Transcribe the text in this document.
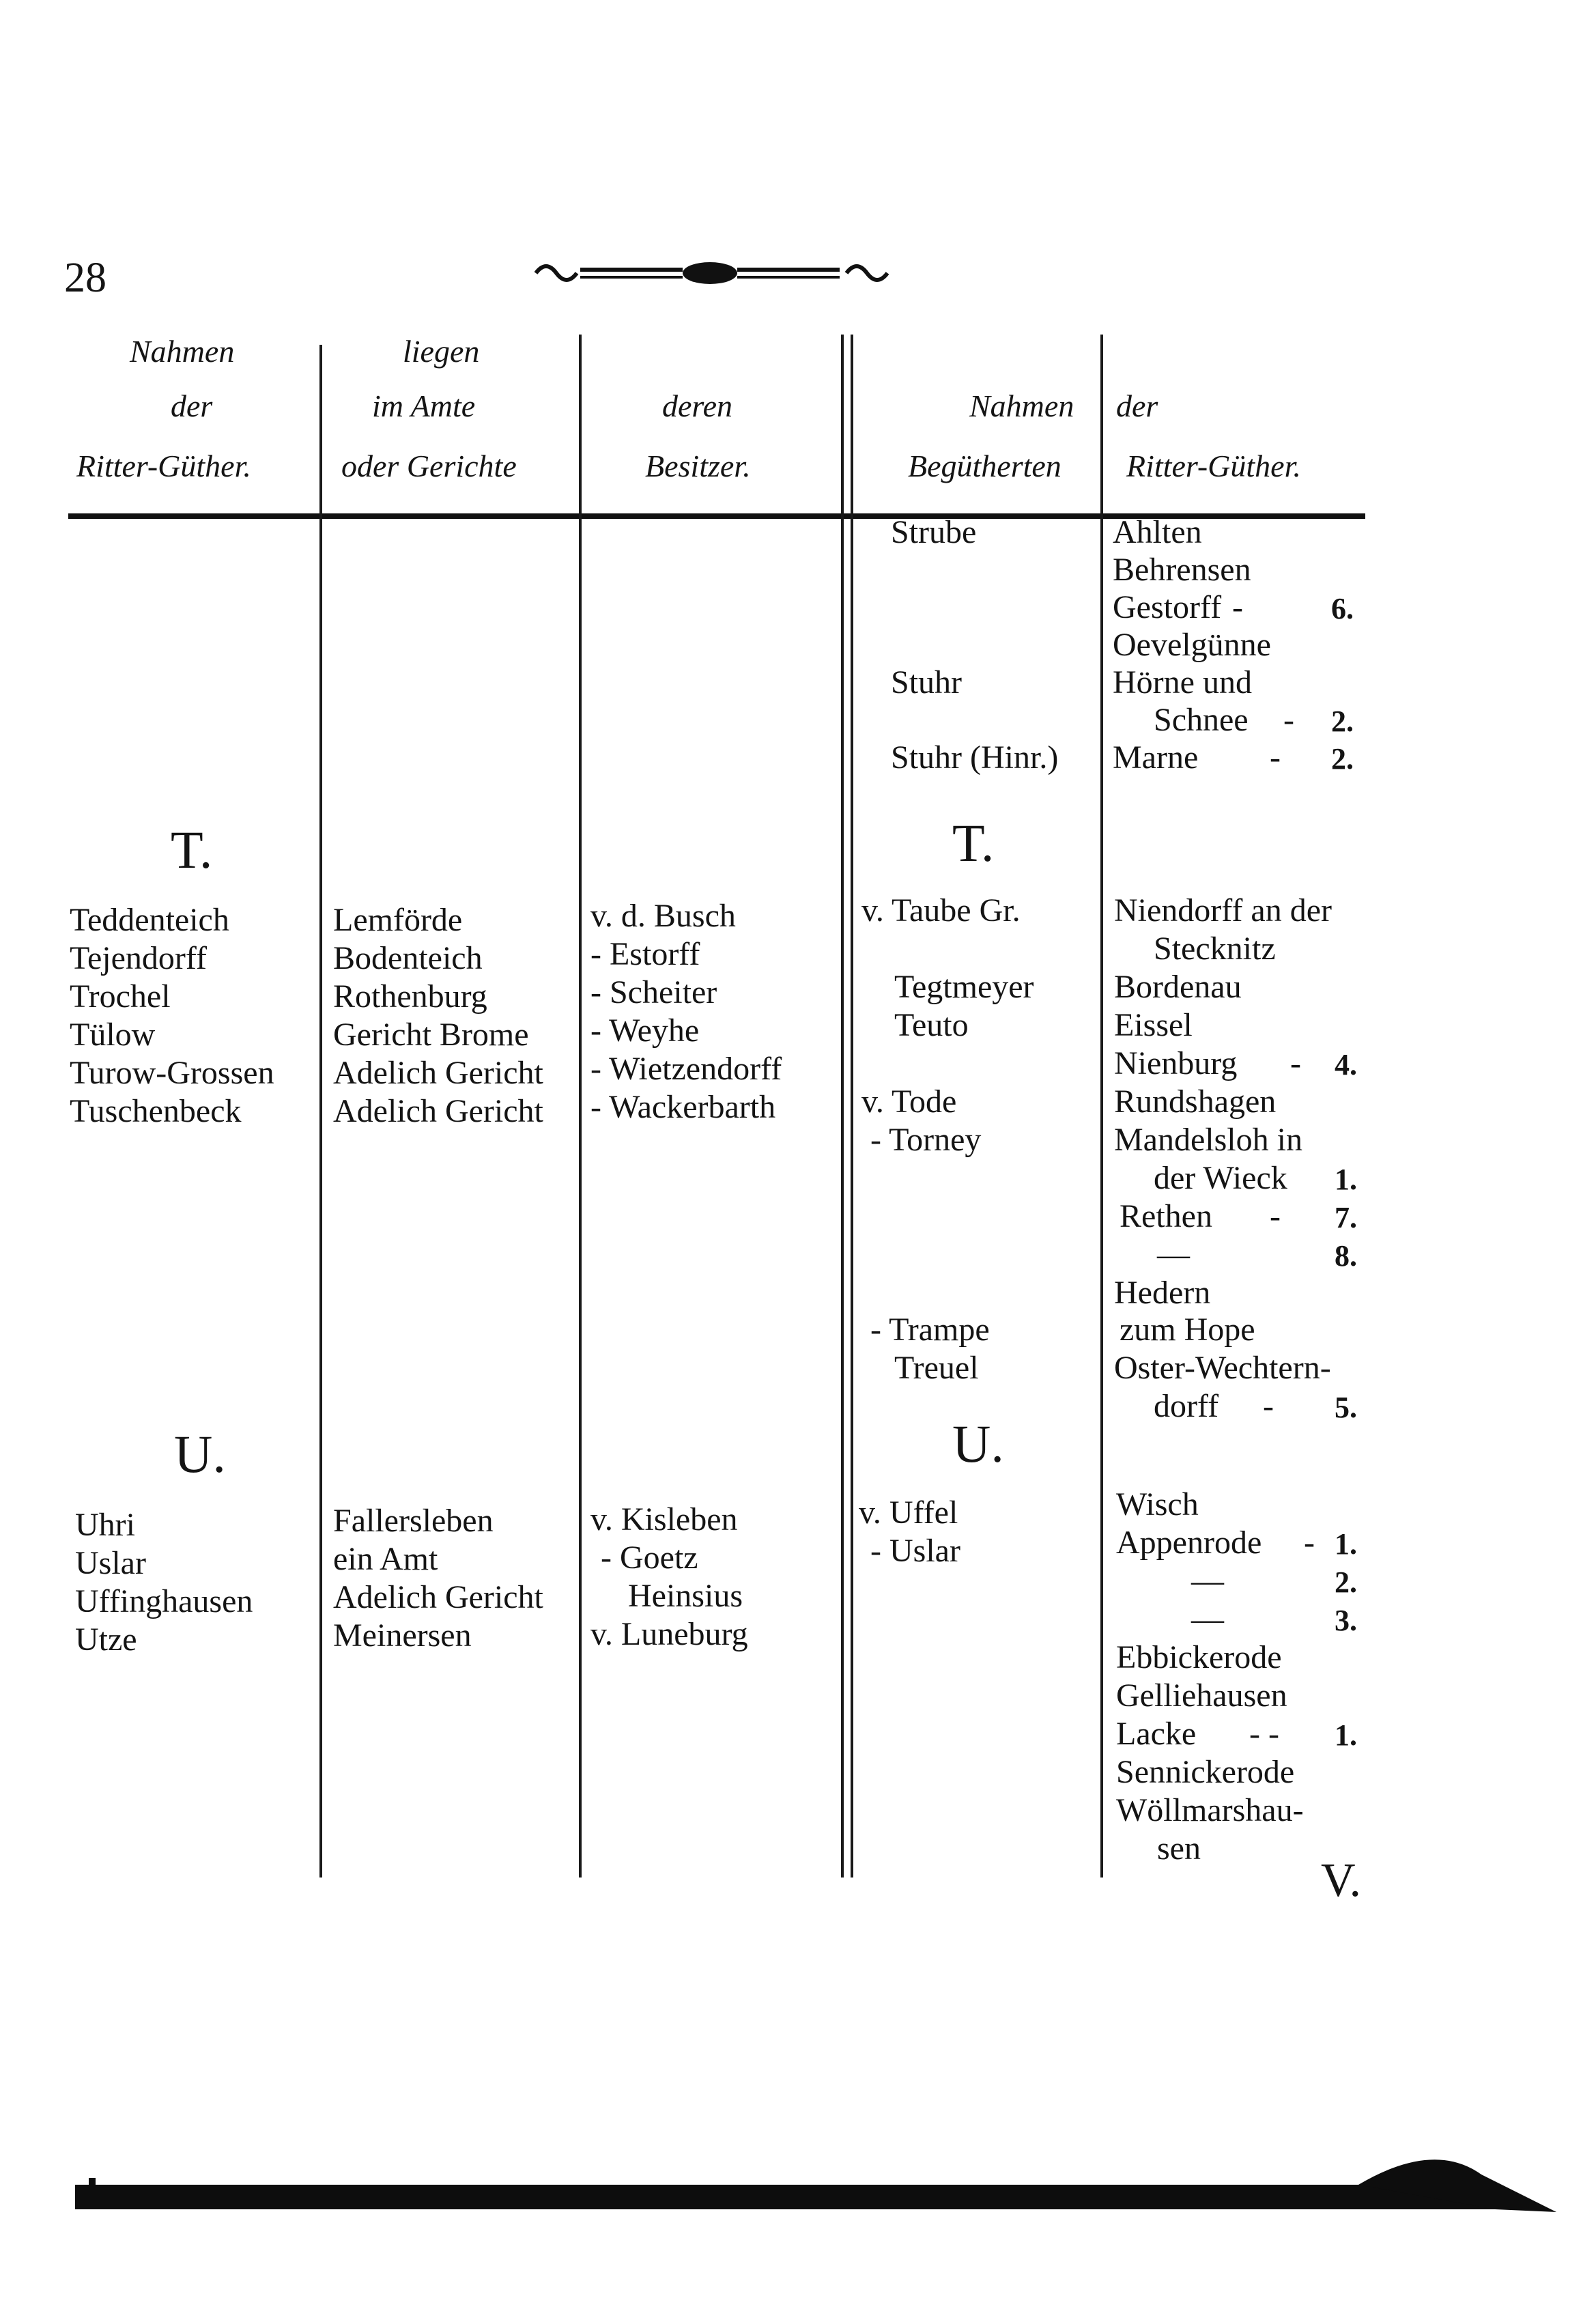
28
Nahmen
der
Ritter-Güther.
liegen
im Amte
oder Gerichte
deren
Besitzer.
Nahmen
Begütherten
der
Ritter-Güther.
Strube
Stuhr
Stuhr (Hinr.)
Ahlten
Behrensen
Gestorff
Oevelgünne
Hörne und
Schnee
Marne
-
-
-
6.
2.
2.
T.	T.
Teddenteich
Tejendorff
Trochel
Tülow
Turow-Grossen
Tuschenbeck
Lemförde
Bodenteich
Rothenburg
Gericht Brome
Adelich Gericht
Adelich Gericht
v. d. Busch
- Estorff
- Scheiter
- Weyhe
- Wietzendorff
- Wackerbarth
v. Taube Gr.
Tegtmeyer
Teuto
v. Tode
- Torney
- Trampe
Treuel
Niendorff an der
Stecknitz
Bordenau
Eissel
Nienburg
Rundshagen
Mandelsloh in
der Wieck
Rethen
—
Hedern
zum Hope
Oster-Wechtern-
dorff
-
-
-
4.
1.
7.
8.
5.
U.	U.
Uhri
Uslar
Uffinghausen
Utze
Fallersleben
ein Amt
Adelich Gericht
Meinersen
v. Kisleben
- Goetz
Heinsius
v. Luneburg
v. Uffel
- Uslar
Wisch
Appenrode
—
—
Ebbickerode
Gelliehausen
Lacke
Sennickerode
Wöllmarshau-
sen
-
- -
1.
2.
3.
1.
V.
